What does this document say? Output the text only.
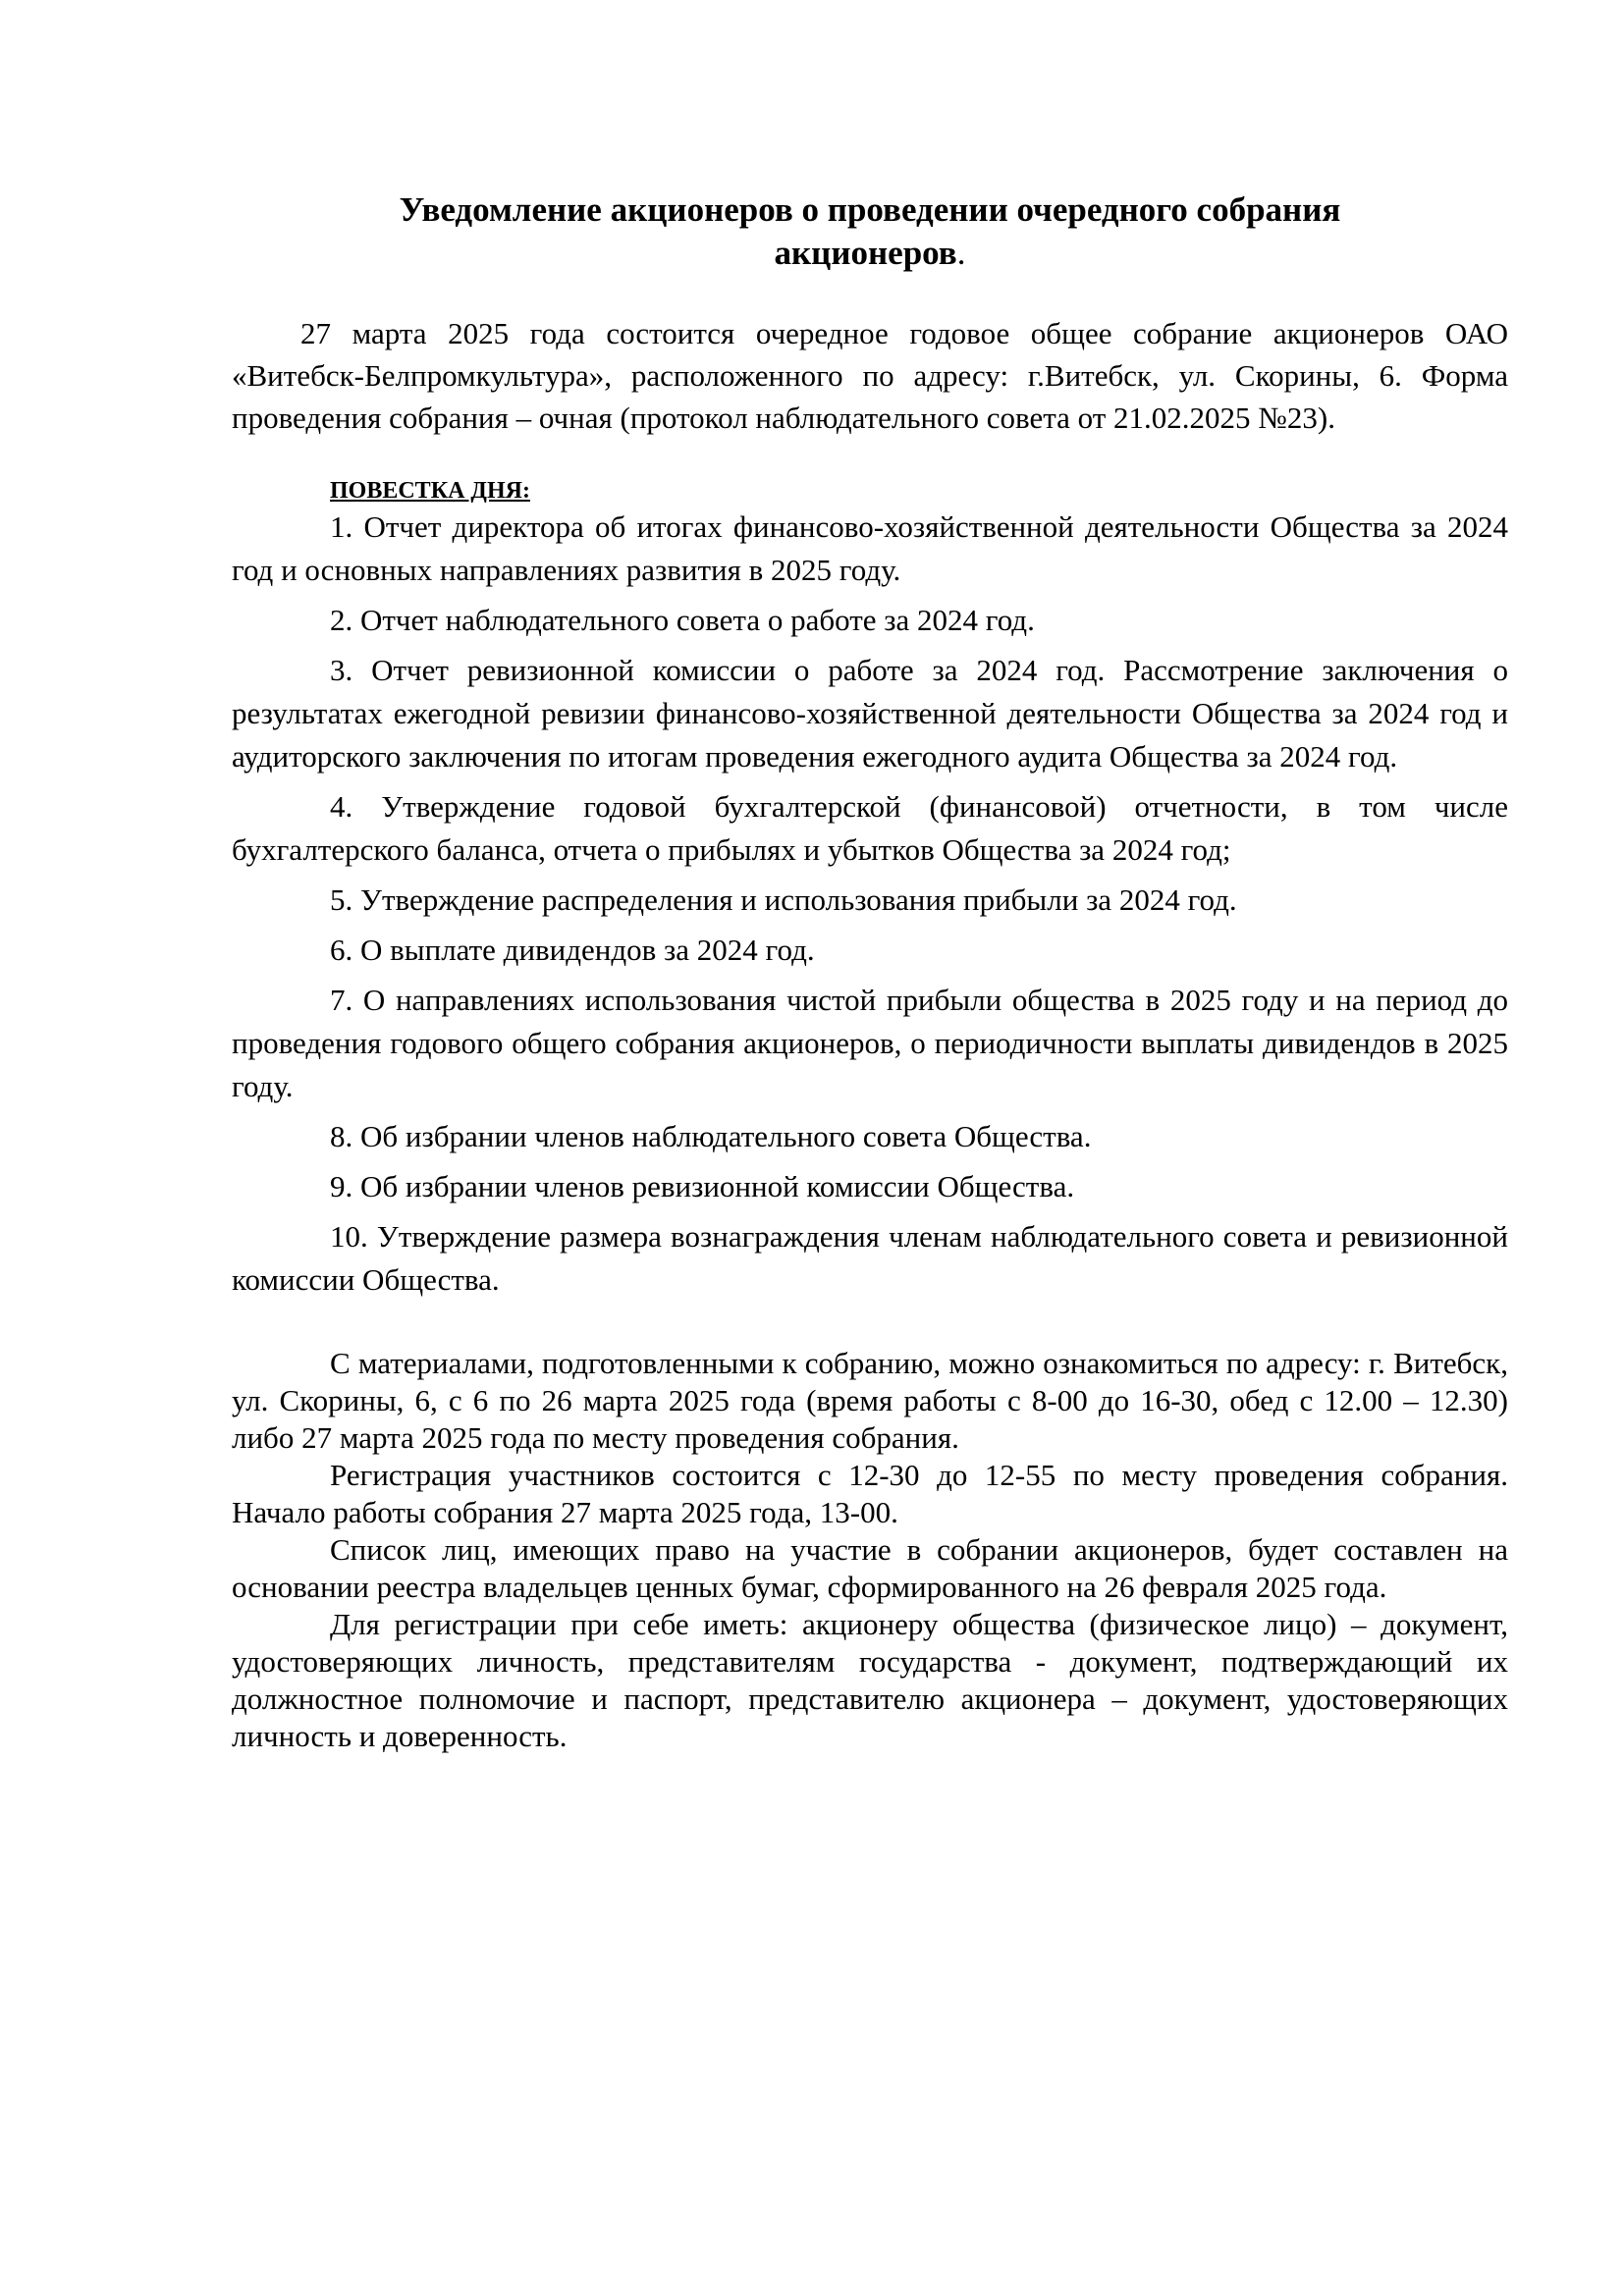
Уведомление акционеров о проведении очередного собрания
акционеров.

27 марта 2025 года состоится очередное годовое общее собрание акционеров ОАО «Витебск-Белпромкультура», расположенного по адресу: г.Витебск, ул. Скорины, 6. Форма проведения собрания – очная (протокол наблюдательного совета от 21.02.2025 №23).

ПОВЕСТКА ДНЯ:
1. Отчет директора об итогах финансово-хозяйственной деятельности Общества за 2024 год и основных направлениях развития в 2025 году.
2. Отчет наблюдательного совета о работе за 2024 год.
3. Отчет ревизионной комиссии о работе за 2024 год. Рассмотрение заключения о результатах ежегодной ревизии финансово-хозяйственной деятельности Общества за 2024 год и аудиторского заключения по итогам проведения ежегодного аудита Общества за 2024 год.
4. Утверждение годовой бухгалтерской (финансовой) отчетности, в том числе бухгалтерского баланса, отчета о прибылях и убытков Общества за 2024 год;
5. Утверждение распределения и использования прибыли за 2024 год.
6. О выплате дивидендов за 2024 год.
7. О направлениях использования чистой прибыли общества в 2025 году и на период до проведения годового общего собрания акционеров, о периодичности выплаты дивидендов в 2025 году.
8. Об избрании членов наблюдательного совета Общества.
9. Об избрании членов ревизионной комиссии Общества.
10. Утверждение размера вознаграждения членам наблюдательного совета и ревизионной комиссии Общества.

С материалами, подготовленными к собранию, можно ознакомиться по адресу: г. Витебск, ул. Скорины, 6, с 6 по 26 марта 2025 года (время работы с 8-00 до 16-30, обед с 12.00 – 12.30) либо 27 марта 2025 года по месту проведения собрания.

Регистрация участников состоится с 12-30 до 12-55 по месту проведения собрания. Начало работы собрания 27 марта 2025 года, 13-00.

Список лиц, имеющих право на участие в собрании акционеров, будет составлен на основании реестра владельцев ценных бумаг, сформированного на 26 февраля 2025 года.

Для регистрации при себе иметь: акционеру общества (физическое лицо) – документ, удостоверяющих личность, представителям государства - документ, подтверждающий их должностное полномочие и паспорт, представителю акционера – документ, удостоверяющих личность и доверенность.
